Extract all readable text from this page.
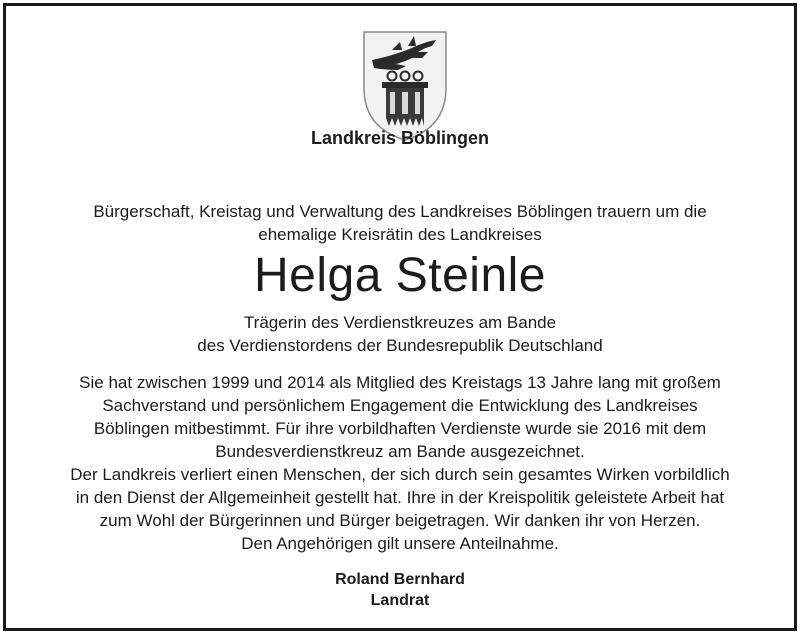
Landkreis Böblingen
Bürgerschaft, Kreistag und Verwaltung des Landkreises Böblingen trauern um die
ehemalige Kreisrätin des Landkreises
Helga Steinle
Trägerin des Verdienstkreuzes am Bande
des Verdienstordens der Bundesrepublik Deutschland
Sie hat zwischen 1999 und 2014 als Mitglied des Kreistags 13 Jahre lang mit großem
Sachverstand und persönlichem Engagement die Entwicklung des Landkreises
Böblingen mitbestimmt. Für ihre vorbildhaften Verdienste wurde sie 2016 mit dem
Bundesverdienstkreuz am Bande ausgezeichnet.
Der Landkreis verliert einen Menschen, der sich durch sein gesamtes Wirken vorbildlich
in den Dienst der Allgemeinheit gestellt hat. Ihre in der Kreispolitik geleistete Arbeit hat
zum Wohl der Bürgerinnen und Bürger beigetragen. Wir danken ihr von Herzen.
Den Angehörigen gilt unsere Anteilnahme.
Roland Bernhard
Landrat
